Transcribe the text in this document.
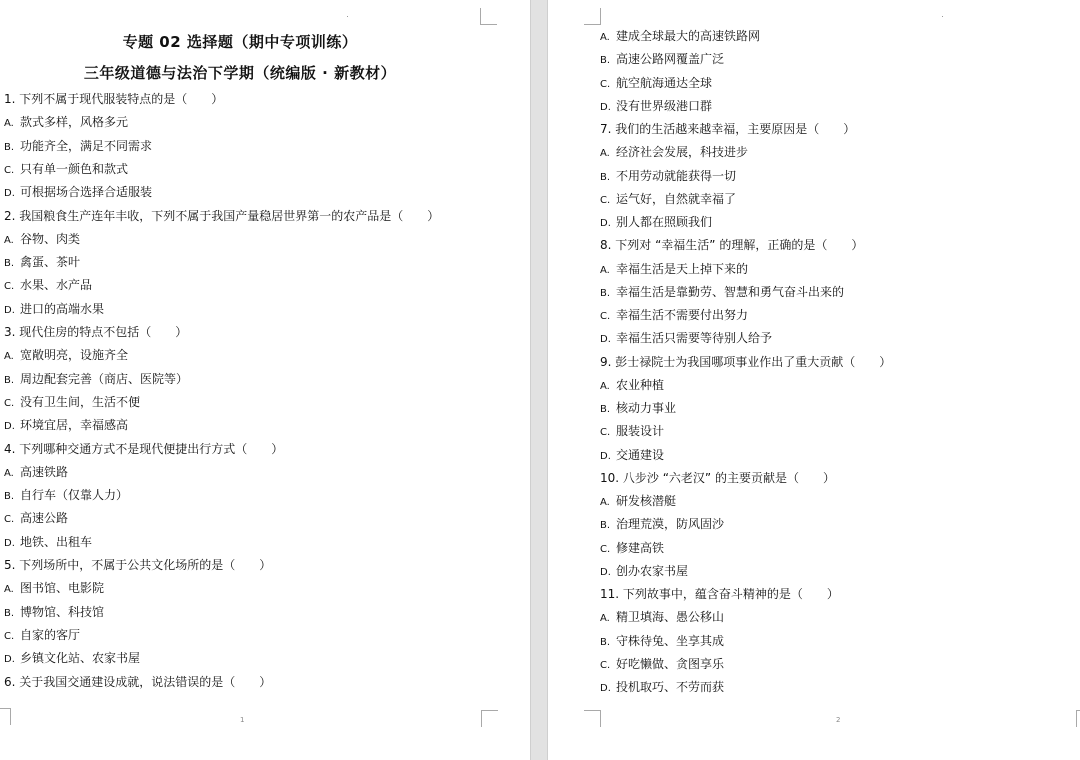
专题 02 选择题（期中专项训练）
三年级道德与法治下学期（统编版 · 新教材）
1. 下列不属于现代服装特点的是（　　）
A. 款式多样，风格多元
B. 功能齐全，满足不同需求
C. 只有单一颜色和款式
D. 可根据场合选择合适服装
2. 我国粮食生产连年丰收，下列不属于我国产量稳居世界第一的农产品是（　　）
A. 谷物、肉类
B. 禽蛋、茶叶
C. 水果、水产品
D. 进口的高端水果
3. 现代住房的特点不包括（　　）
A. 宽敞明亮，设施齐全
B. 周边配套完善（商店、医院等）
C. 没有卫生间，生活不便
D. 环境宜居，幸福感高
4. 下列哪种交通方式不是现代便捷出行方式（　　）
A. 高速铁路
B. 自行车（仅靠人力）
C. 高速公路
D. 地铁、出租车
5. 下列场所中，不属于公共文化场所的是（　　）
A. 图书馆、电影院
B. 博物馆、科技馆
C. 自家的客厅
D. 乡镇文化站、农家书屋
6. 关于我国交通建设成就，说法错误的是（　　）
1
A. 建成全球最大的高速铁路网
B. 高速公路网覆盖广泛
C. 航空航海通达全球
D. 没有世界级港口群
7. 我们的生活越来越幸福，主要原因是（　　）
A. 经济社会发展，科技进步
B. 不用劳动就能获得一切
C. 运气好，自然就幸福了
D. 别人都在照顾我们
8. 下列对 “幸福生活” 的理解，正确的是（　　）
A. 幸福生活是天上掉下来的
B. 幸福生活是靠勤劳、智慧和勇气奋斗出来的
C. 幸福生活不需要付出努力
D. 幸福生活只需要等待别人给予
9. 彭士禄院士为我国哪项事业作出了重大贡献（　　）
A. 农业种植
B. 核动力事业
C. 服装设计
D. 交通建设
10. 八步沙 “六老汉” 的主要贡献是（　　）
A. 研发核潜艇
B. 治理荒漠，防风固沙
C. 修建高铁
D. 创办农家书屋
11. 下列故事中，蕴含奋斗精神的是（　　）
A. 精卫填海、愚公移山
B. 守株待兔、坐享其成
C. 好吃懒做、贪图享乐
D. 投机取巧、不劳而获
2
